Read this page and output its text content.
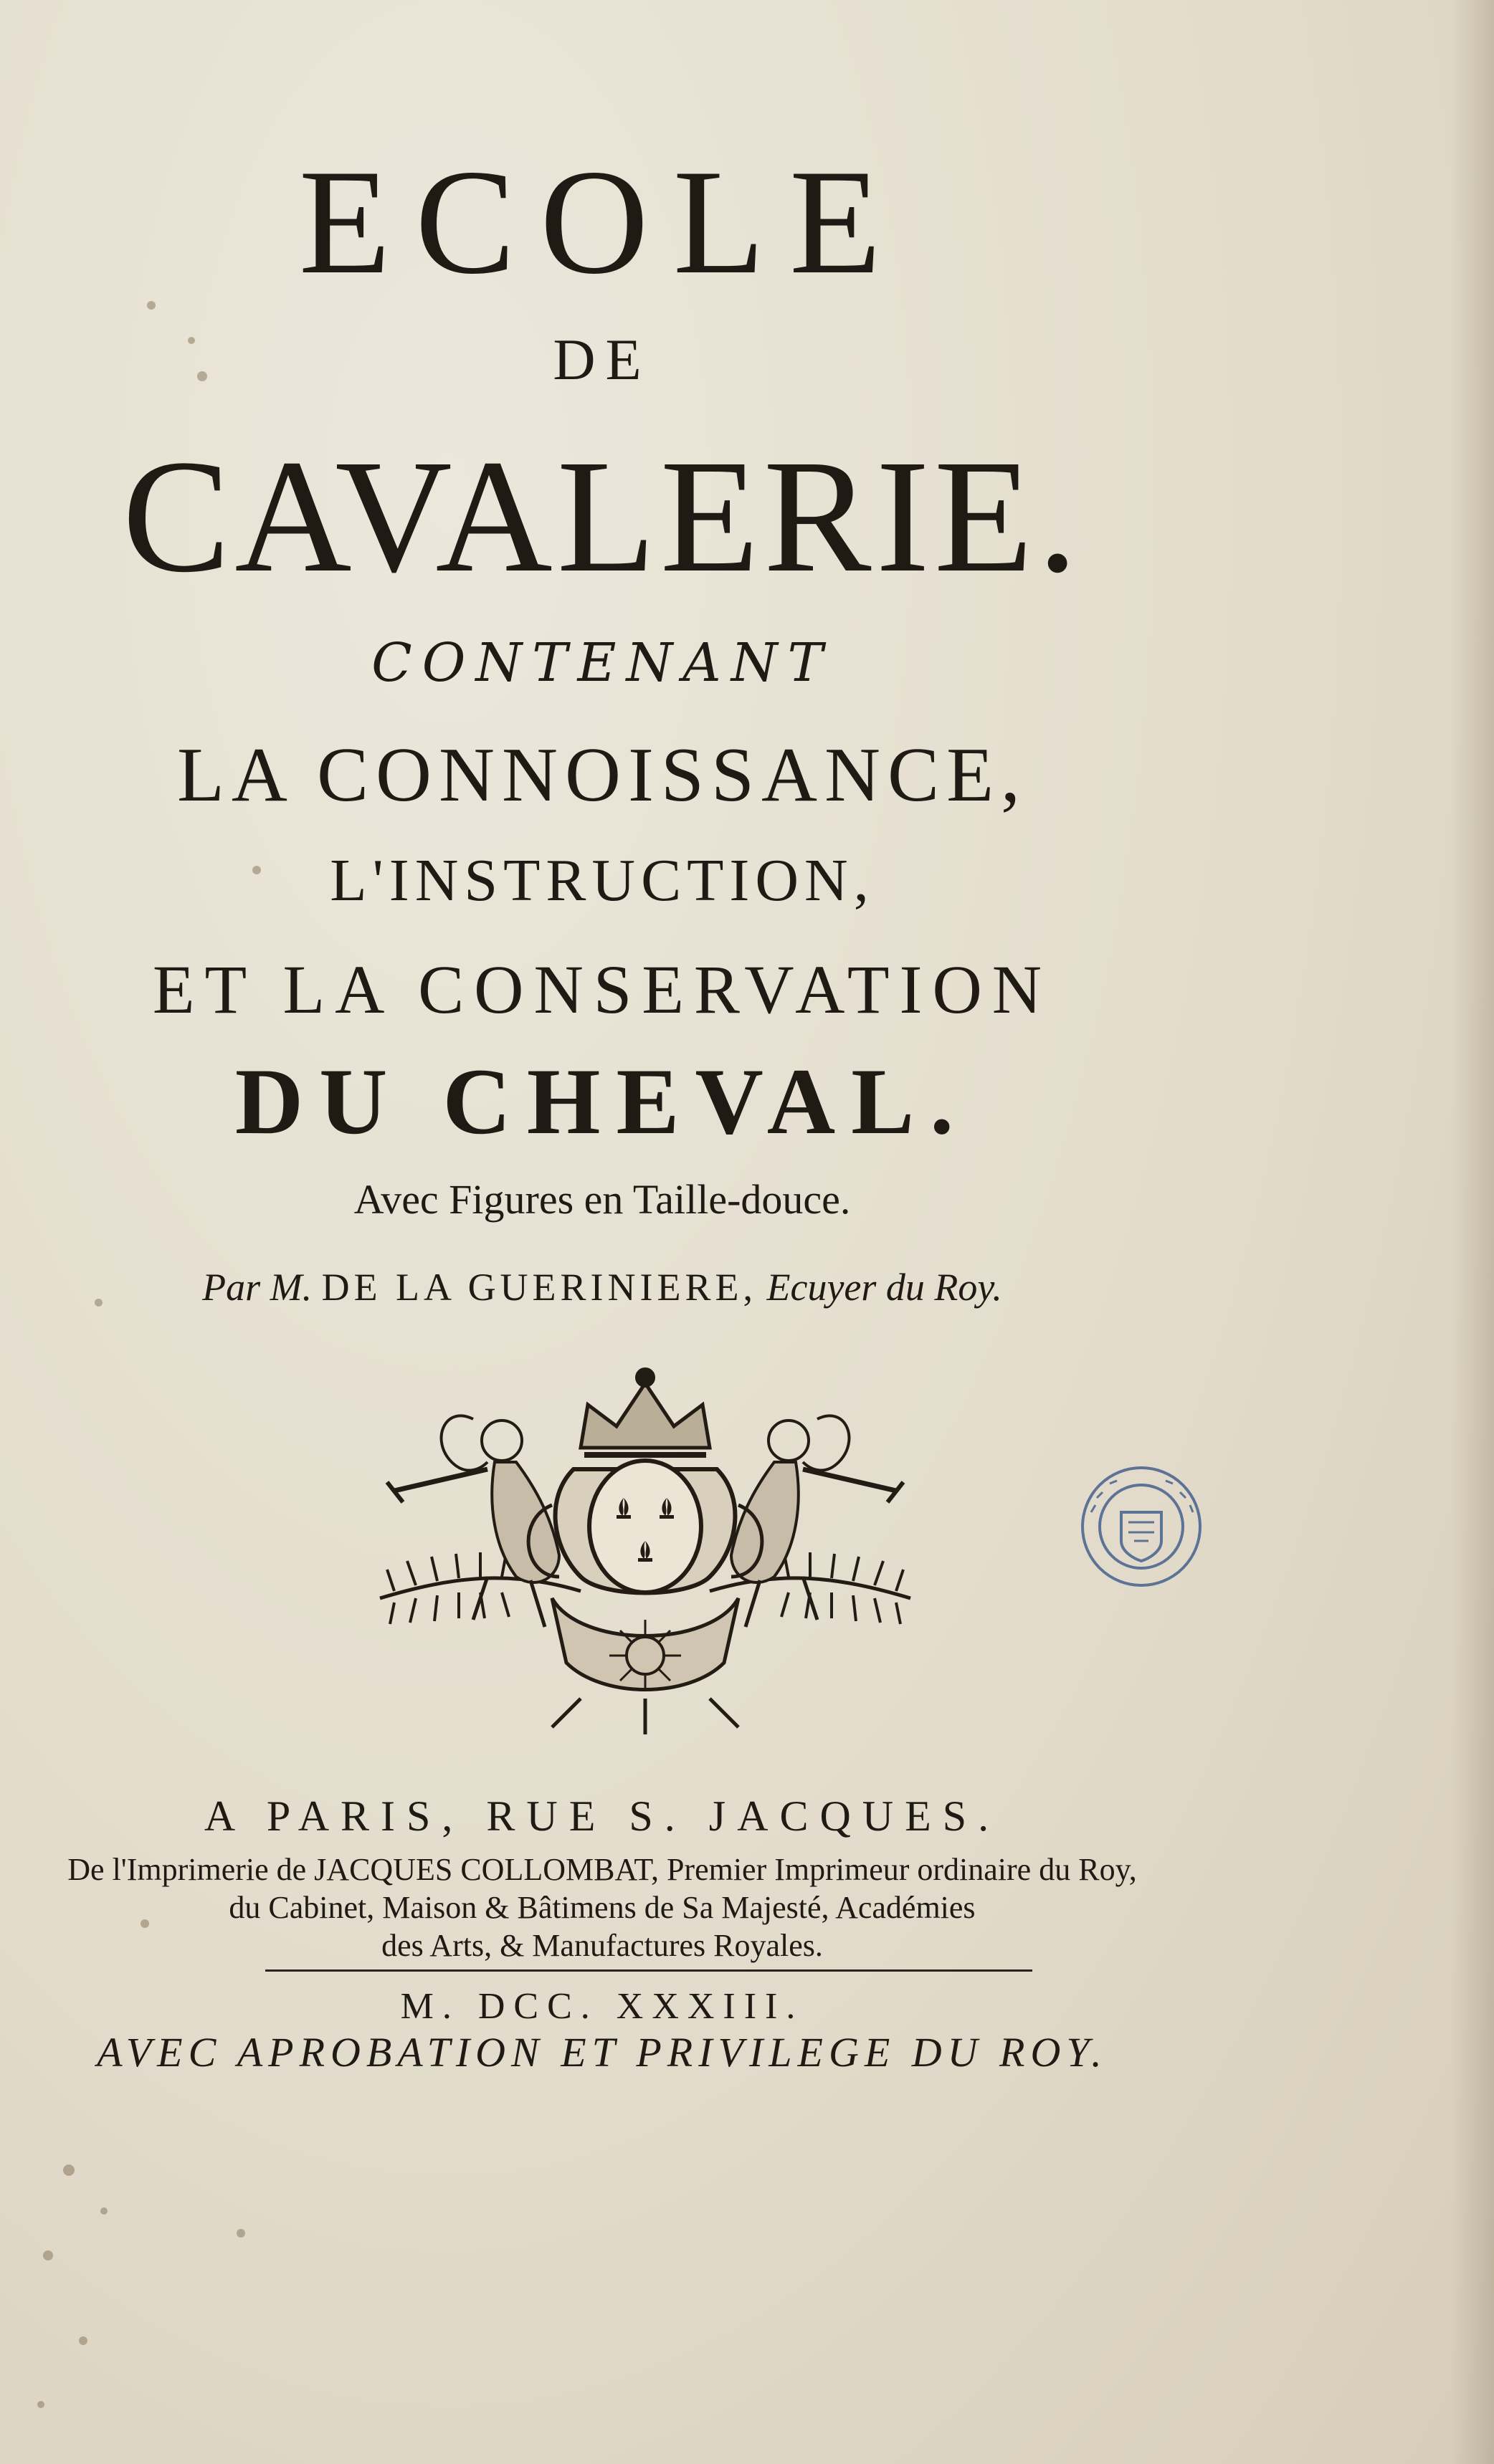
ECOLE
DE
CAVALERIE.
CONTENANT
LA CONNOISSANCE,
L'INSTRUCTION,
ET LA CONSERVATION
DU CHEVAL.
Avec Figures en Taille-douce.
Par M. DE LA GUERINIERE, Ecuyer du Roy.
A PARIS, RUE S. JACQUES.
De l'Imprimerie de JACQUES COLLOMBAT, Premier Imprimeur ordinaire du Roy,
du Cabinet, Maison & Bâtimens de Sa Majesté, Académies
des Arts, & Manufactures Royales.
M. DCC. XXXIII.
AVEC APROBATION ET PRIVILEGE DU ROY.
